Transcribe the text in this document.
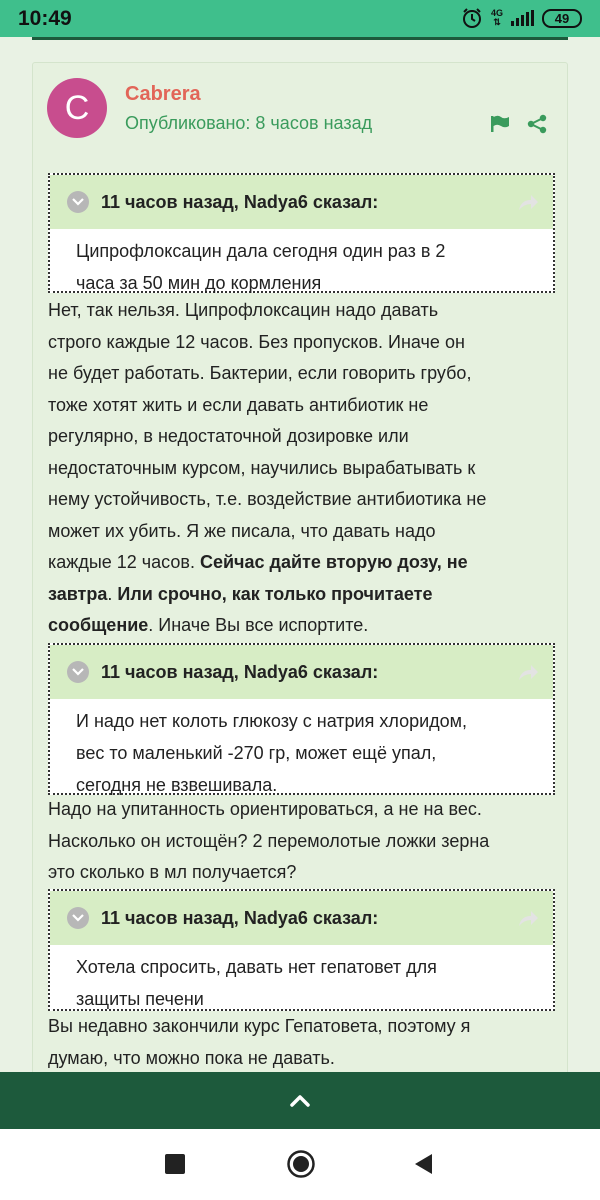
10:49	4G
⇅	49
C	Cabrera
Опубликовано: 8 часов назад
11 часов назад, Nadya6 сказал:
Ципрофлоксацин дала сегодня один раз в 2
часа за 50 мин до кормления
Нет, так нельзя. Ципрофлоксацин надо давать
строго каждые 12 часов. Без пропусков. Иначе он
не будет работать. Бактерии, если говорить грубо,
тоже хотят жить и если давать антибиотик не
регулярно, в недостаточной дозировке или
недостаточным курсом, научились вырабатывать к
нему устойчивость, т.е. воздействие антибиотика не
может их убить. Я же писала, что давать надо
каждые 12 часов. Сейчас дайте вторую дозу, не
завтра. Или срочно, как только прочитаете
сообщение. Иначе Вы все испортите.
11 часов назад, Nadya6 сказал:
И надо нет колоть глюкозу с натрия хлоридом,
вес то маленький -270 гр, может ещё упал,
сегодня не взвешивала.
Надо на упитанность ориентироваться, а не на вес.
Насколько он истощён? 2 перемолотые ложки зерна
это сколько в мл получается?
11 часов назад, Nadya6 сказал:
Хотела спросить, давать нет гепатовет для
защиты печени
Вы недавно закончили курс Гепатовета, поэтому я
думаю, что можно пока не давать.
